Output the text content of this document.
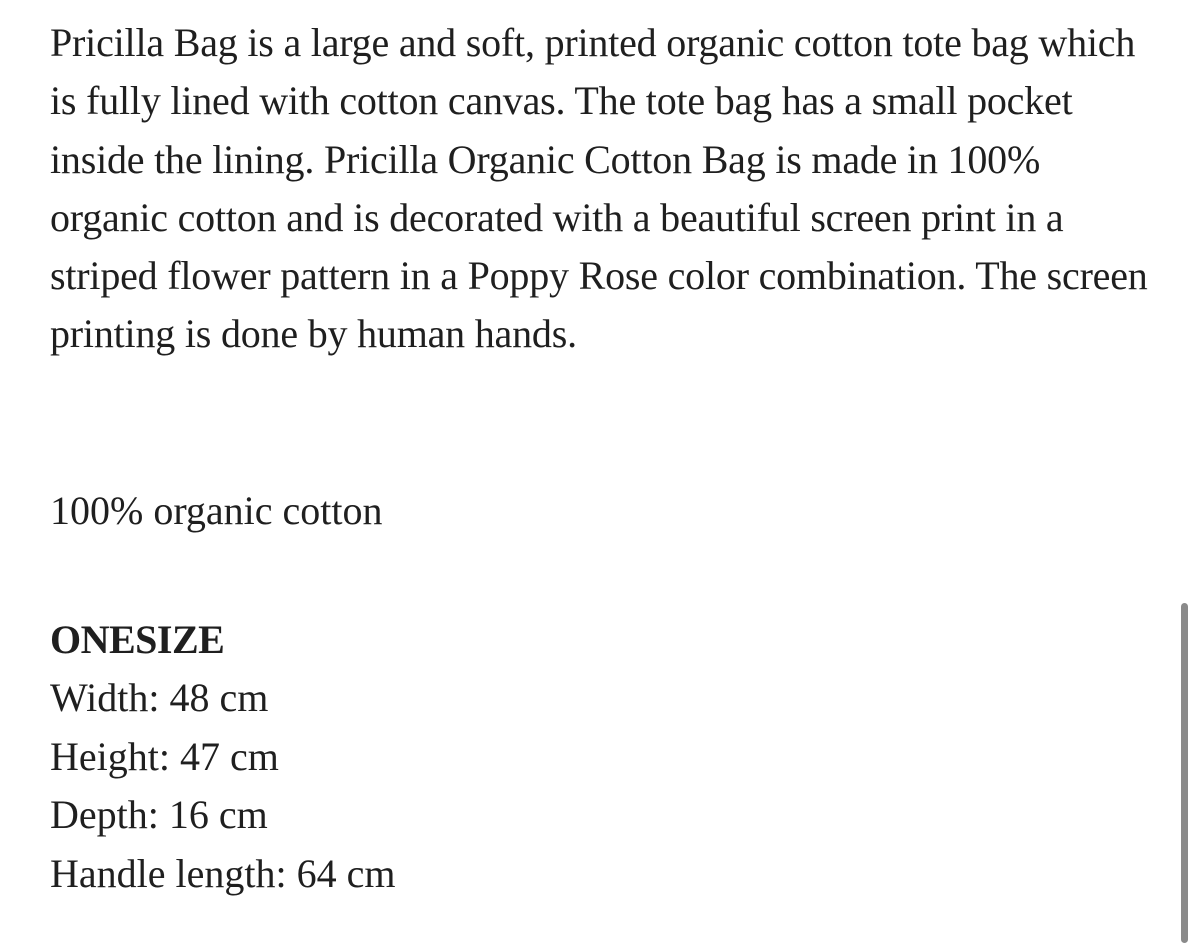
Pricilla Bag is a large and soft, printed organic cotton tote bag which is fully lined with cotton canvas. The tote bag has a small pocket inside the lining. Pricilla Organic Cotton Bag is made in 100% organic cotton and is decorated with a beautiful screen print in a striped flower pattern in a Poppy Rose color combination. The screen printing is done by human hands.

100% organic cotton

ONESIZE

Width: 48 cm

Height: 47 cm

Depth: 16 cm

Handle length: 64 cm
